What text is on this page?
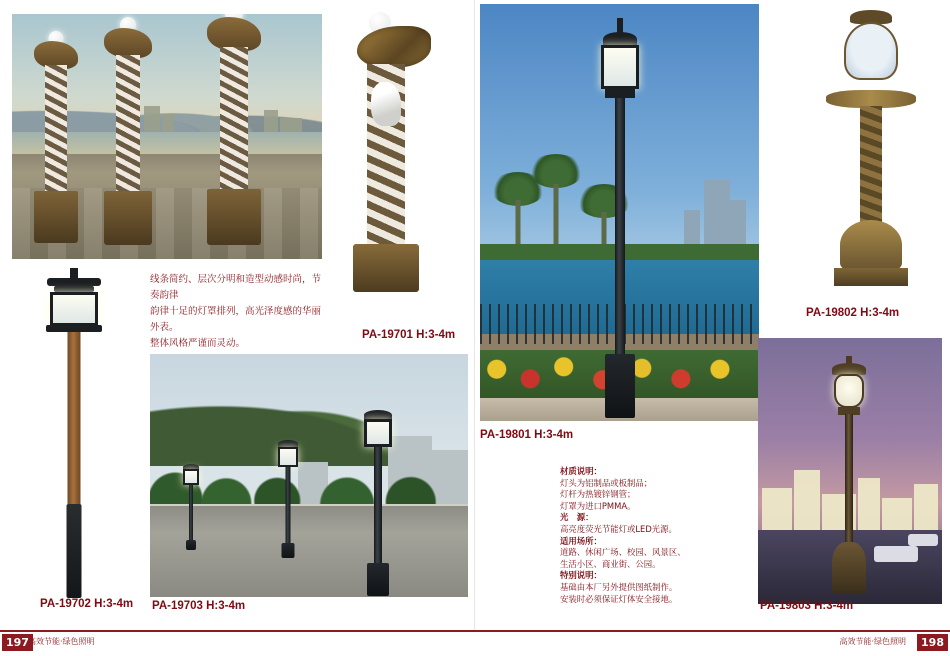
线条简约、层次分明和造型动感时尚，节奏韵律
韵律十足的灯罩排列，高光泽度感的华丽外表。
整体风格严谨而灵动。
PA-19701 H:3-4m
PA-19801 H:3-4m
PA-19802 H:3-4m
PA-19702 H:3-4m PA-19703 H:3-4m
材质说明：
灯头为铝制品或板制品；
灯杆为热镀锌钢管；
灯罩为进口PMMA。
光　源：
高亮度荧光节能灯或LED光源。
适用场所：
道路、休闲广场、校园、风景区、
生活小区、商业街、公园。
特别说明：
基础由本厂另外提供图纸制作。
安装时必须保证灯体安全接地。
PA-19803 H:3-4m
197 高效节能·绿色照明	高效节能·绿色照明	198
